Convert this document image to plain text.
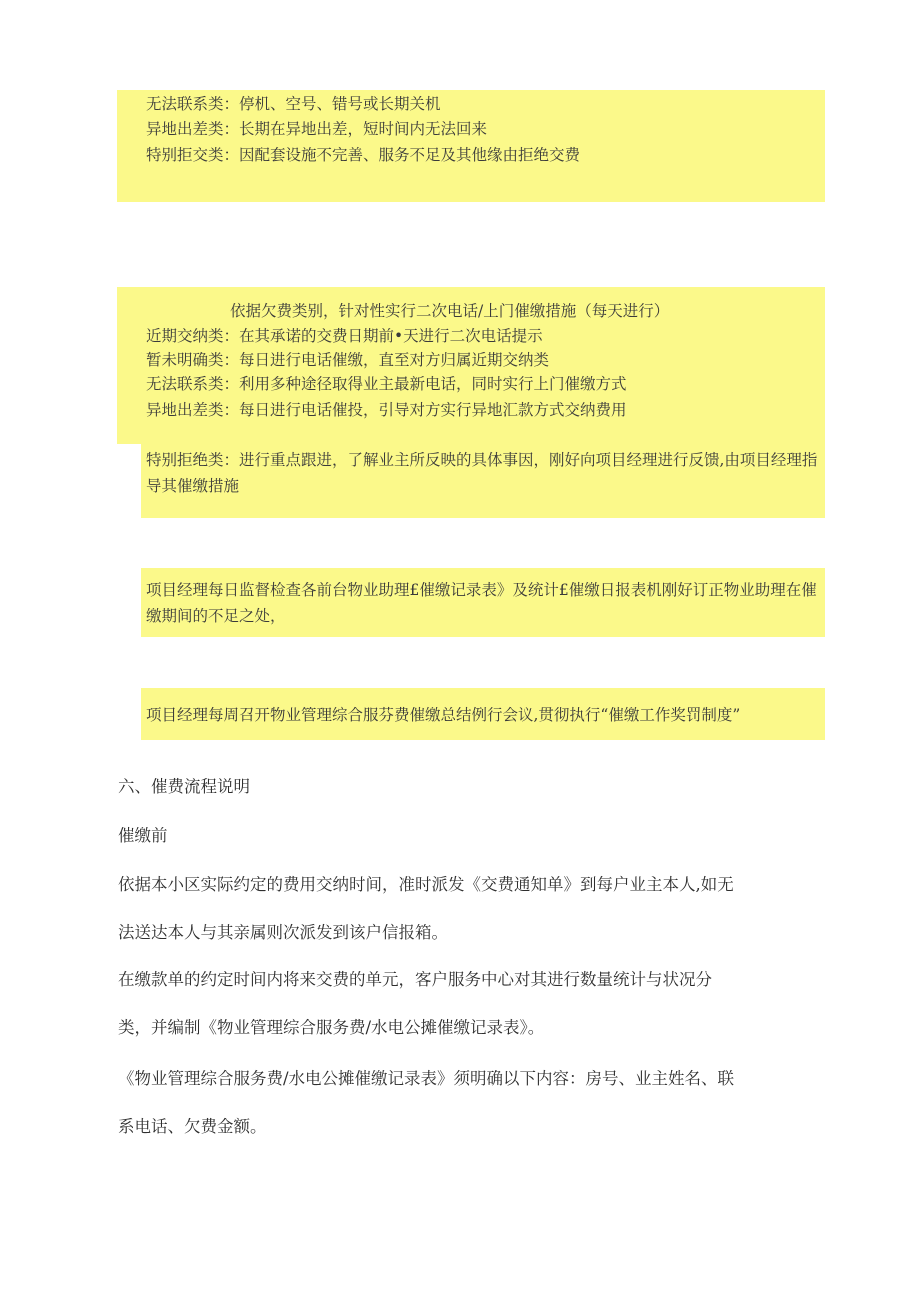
无法联系类：停机、空号、错号或长期关机
异地出差类：长期在异地出差，短时间内无法回来
特别拒交类：因配套设施不完善、服务不足及其他缘由拒绝交费
依据欠费类别，针对性实行二次电话/上门催缴措施（每天进行）
近期交纳类：在其承诺的交费日期前•天进行二次电话提示
暂未明确类：每日进行电话催缴，直至对方归属近期交纳类
无法联系类：利用多种途径取得业主最新电话，同时实行上门催缴方式
异地出差类：每日进行电话催投，引导对方实行异地汇款方式交纳费用
特别拒绝类：进行重点跟进，了解业主所反映的具体事因，刚好向项目经理进行反馈,由项目经理指导其催缴措施
项目经理每日监督检查各前台物业助理£催缴记录表》及统计£催缴日报表机刚好订正物业助理在催缴期间的不足之处，
项目经理每周召开物业管理综合服芬费催缴总结例行会议,贯彻执行“催缴工作奖罚制度”
六、催费流程说明
催缴前
依据本小区实际约定的费用交纳时间，准时派发《交费通知单》到每户业主本人,如无
法送达本人与其亲属则次派发到该户信报箱。
在缴款单的约定时间内将来交费的单元，客户服务中心对其进行数量统计与状况分
类，并编制《物业管理综合服务费/水电公摊催缴记录表》。
《物业管理综合服务费/水电公摊催缴记录表》须明确以下内容：房号、业主姓名、联
系电话、欠费金额。
